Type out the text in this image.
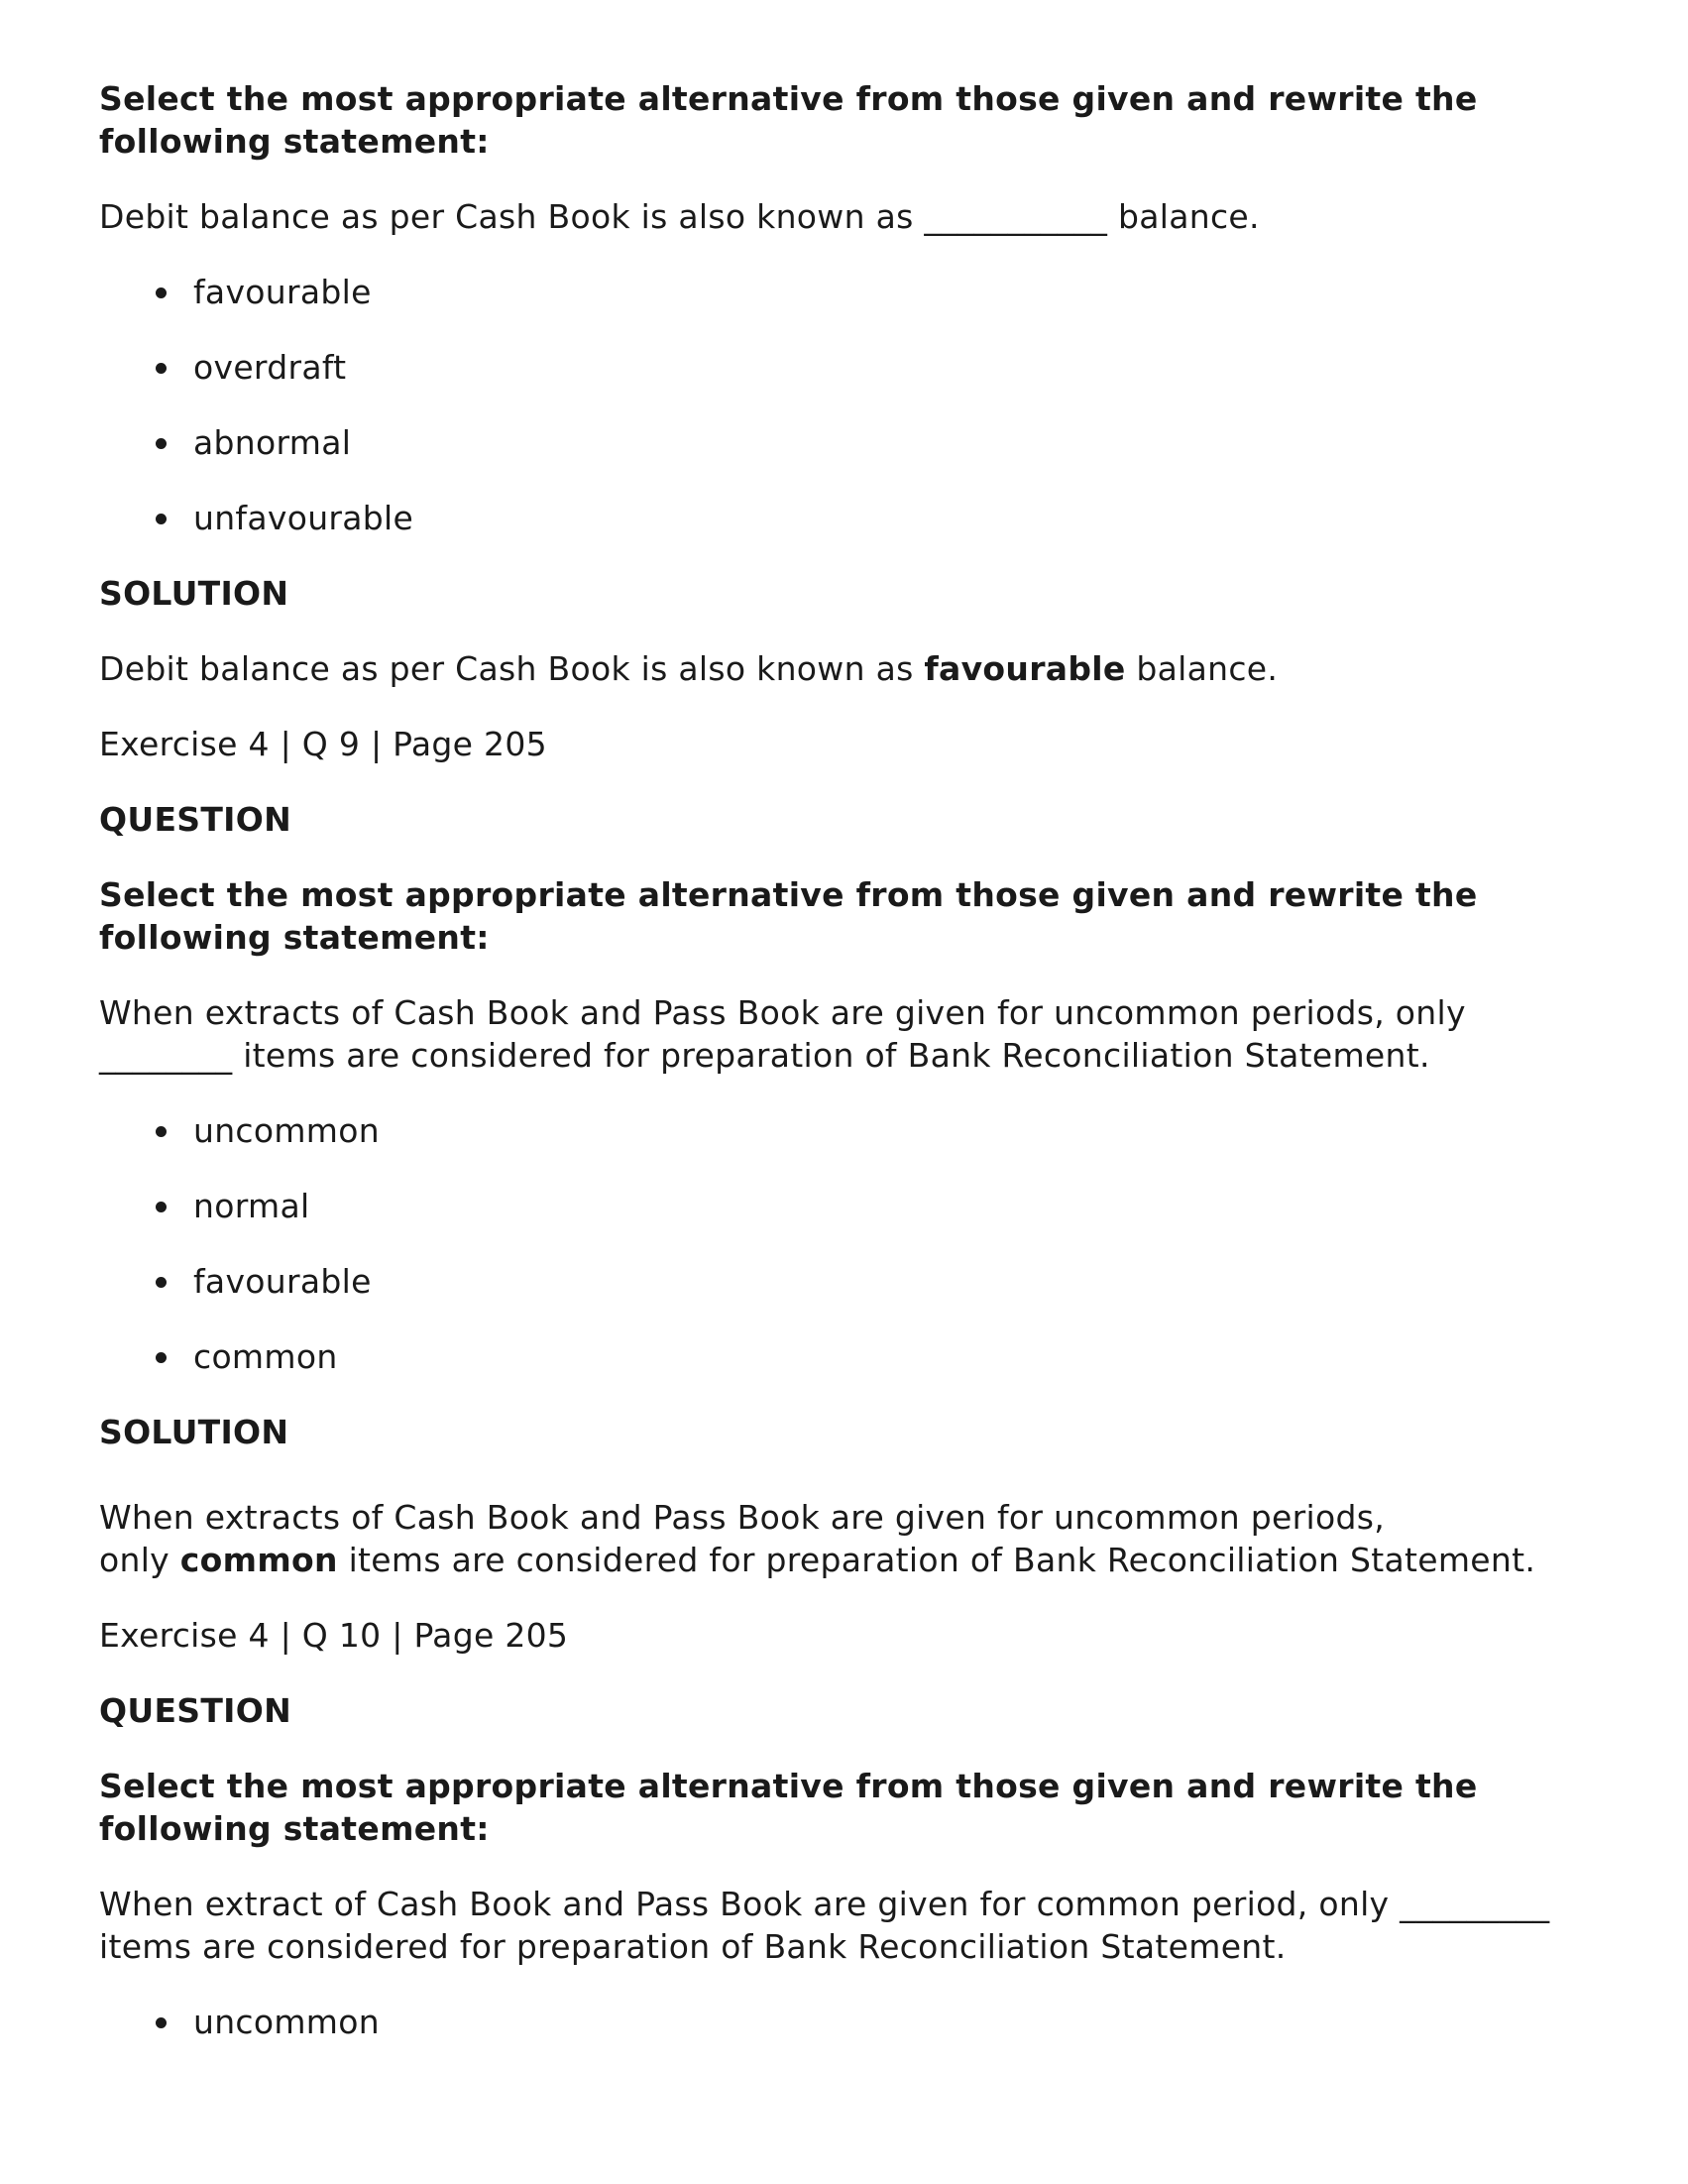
Select the most appropriate alternative from those given and rewrite the following statement:

Debit balance as per Cash Book is also known as ___________ balance.

favourable
overdraft
abnormal
unfavourable

SOLUTION

Debit balance as per Cash Book is also known as favourable balance.

Exercise 4 | Q 9 | Page 205

QUESTION

Select the most appropriate alternative from those given and rewrite the following statement:

When extracts of Cash Book and Pass Book are given for uncommon periods, only
________ items are considered for preparation of Bank Reconciliation Statement.

uncommon
normal
favourable
common

SOLUTION

When extracts of Cash Book and Pass Book are given for uncommon periods,
only common items are considered for preparation of Bank Reconciliation Statement.

Exercise 4 | Q 10 | Page 205

QUESTION

Select the most appropriate alternative from those given and rewrite the following statement:

When extract of Cash Book and Pass Book are given for common period, only _________
items are considered for preparation of Bank Reconciliation Statement.

uncommon
